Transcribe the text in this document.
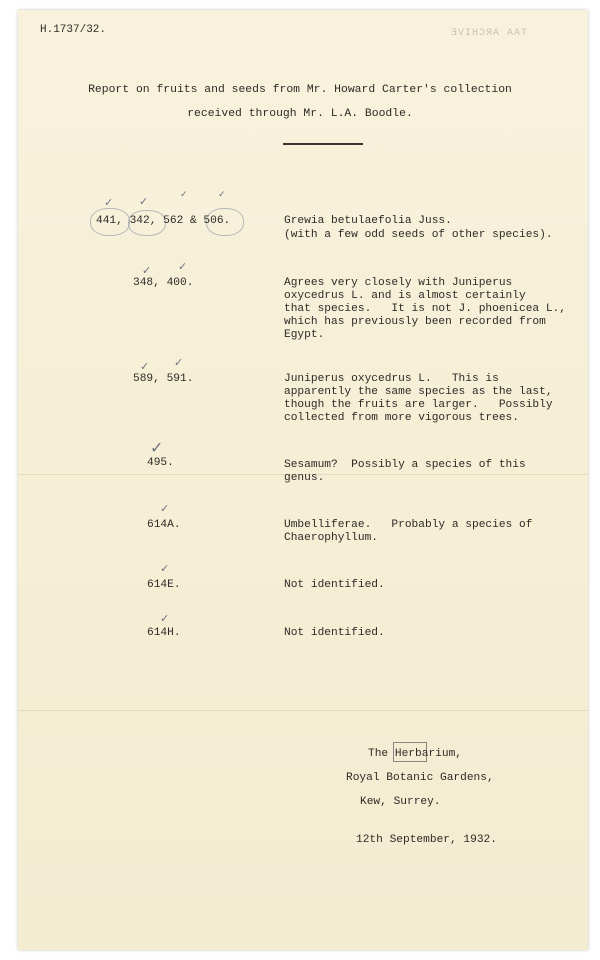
H.1737/32.	TAA ARCHIVE
Report on fruits and seeds from Mr. Howard Carter's collection
received through Mr. L.A. Boodle.
✓ ✓	✓	✓
✓ ✓
✓ ✓
✓
✓
✓
✓
441, 342, 562 & 506.	Grewia betulaefolia Juss.
(with a few odd seeds of other species).
348, 400.	Agrees very closely with Juniperus
oxycedrus L. and is almost certainly
that species.   It is not J. phoenicea L.,
which has previously been recorded from
Egypt.
589, 591.	Juniperus oxycedrus L.   This is
apparently the same species as the last,
though the fruits are larger.   Possibly
collected from more vigorous trees.
495.	Sesamum?  Possibly a species of this
genus.
614A.	Umbelliferae.   Probably a species of
Chaerophyllum.
614E.	Not identified.
614H.	Not identified.
The Herbarium,
Royal Botanic Gardens,
Kew, Surrey.
12th September, 1932.
